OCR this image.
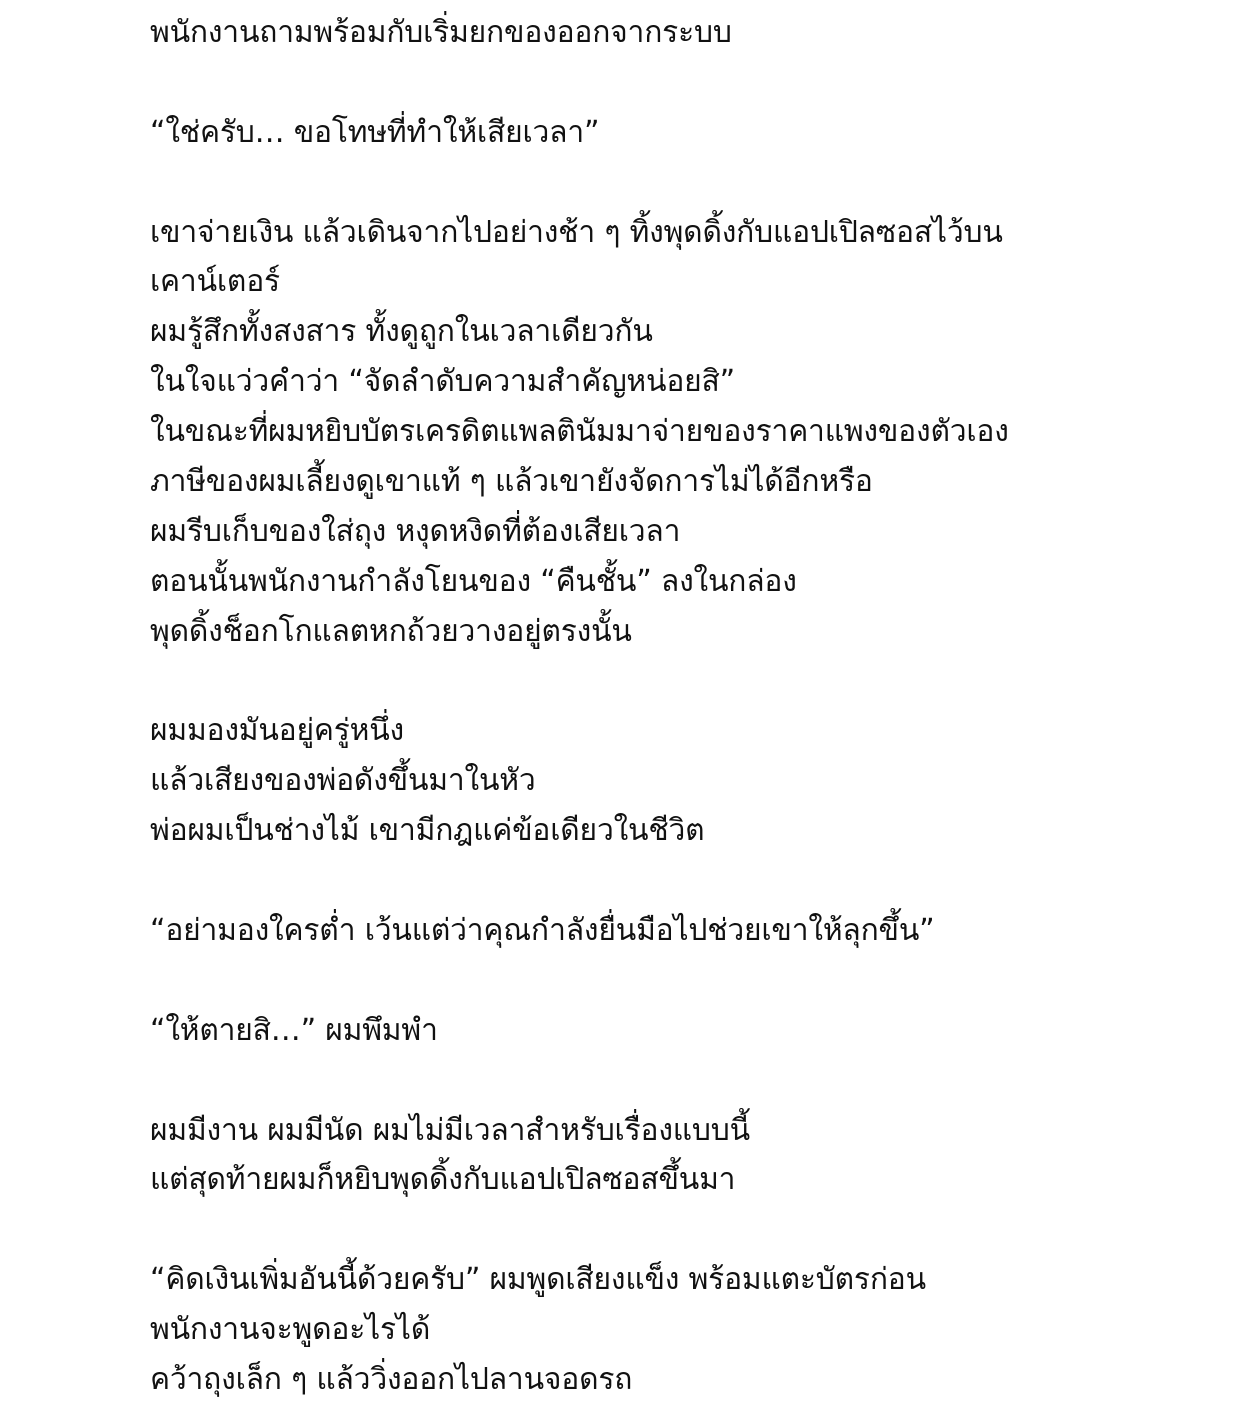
พนักงานถามพร้อมกับเริ่มยกของออกจากระบบ
“ใช่ครับ… ขอโทษที่ทำให้เสียเวลา”
เขาจ่ายเงิน แล้วเดินจากไปอย่างช้า ๆ ทิ้งพุดดิ้งกับแอปเปิลซอสไว้บน
เคาน์เตอร์
ผมรู้สึกทั้งสงสาร ทั้งดูถูกในเวลาเดียวกัน
ในใจแว่วคำว่า “จัดลำดับความสำคัญหน่อยสิ”
ในขณะที่ผมหยิบบัตรเครดิตแพลตินัมมาจ่ายของราคาแพงของตัวเอง
ภาษีของผมเลี้ยงดูเขาแท้ ๆ แล้วเขายังจัดการไม่ได้อีกหรือ
ผมรีบเก็บของใส่ถุง หงุดหงิดที่ต้องเสียเวลา
ตอนนั้นพนักงานกำลังโยนของ “คืนชั้น” ลงในกล่อง
พุดดิ้งช็อกโกแลตหกถ้วยวางอยู่ตรงนั้น
ผมมองมันอยู่ครู่หนึ่ง
แล้วเสียงของพ่อดังขึ้นมาในหัว
พ่อผมเป็นช่างไม้ เขามีกฎแค่ข้อเดียวในชีวิต
“อย่ามองใครต่ำ เว้นแต่ว่าคุณกำลังยื่นมือไปช่วยเขาให้ลุกขึ้น”
“ให้ตายสิ…” ผมพึมพำ
ผมมีงาน ผมมีนัด ผมไม่มีเวลาสำหรับเรื่องแบบนี้
แต่สุดท้ายผมก็หยิบพุดดิ้งกับแอปเปิลซอสขึ้นมา
“คิดเงินเพิ่มอันนี้ด้วยครับ” ผมพูดเสียงแข็ง พร้อมแตะบัตรก่อน
พนักงานจะพูดอะไรได้
คว้าถุงเล็ก ๆ แล้ววิ่งออกไปลานจอดรถ
